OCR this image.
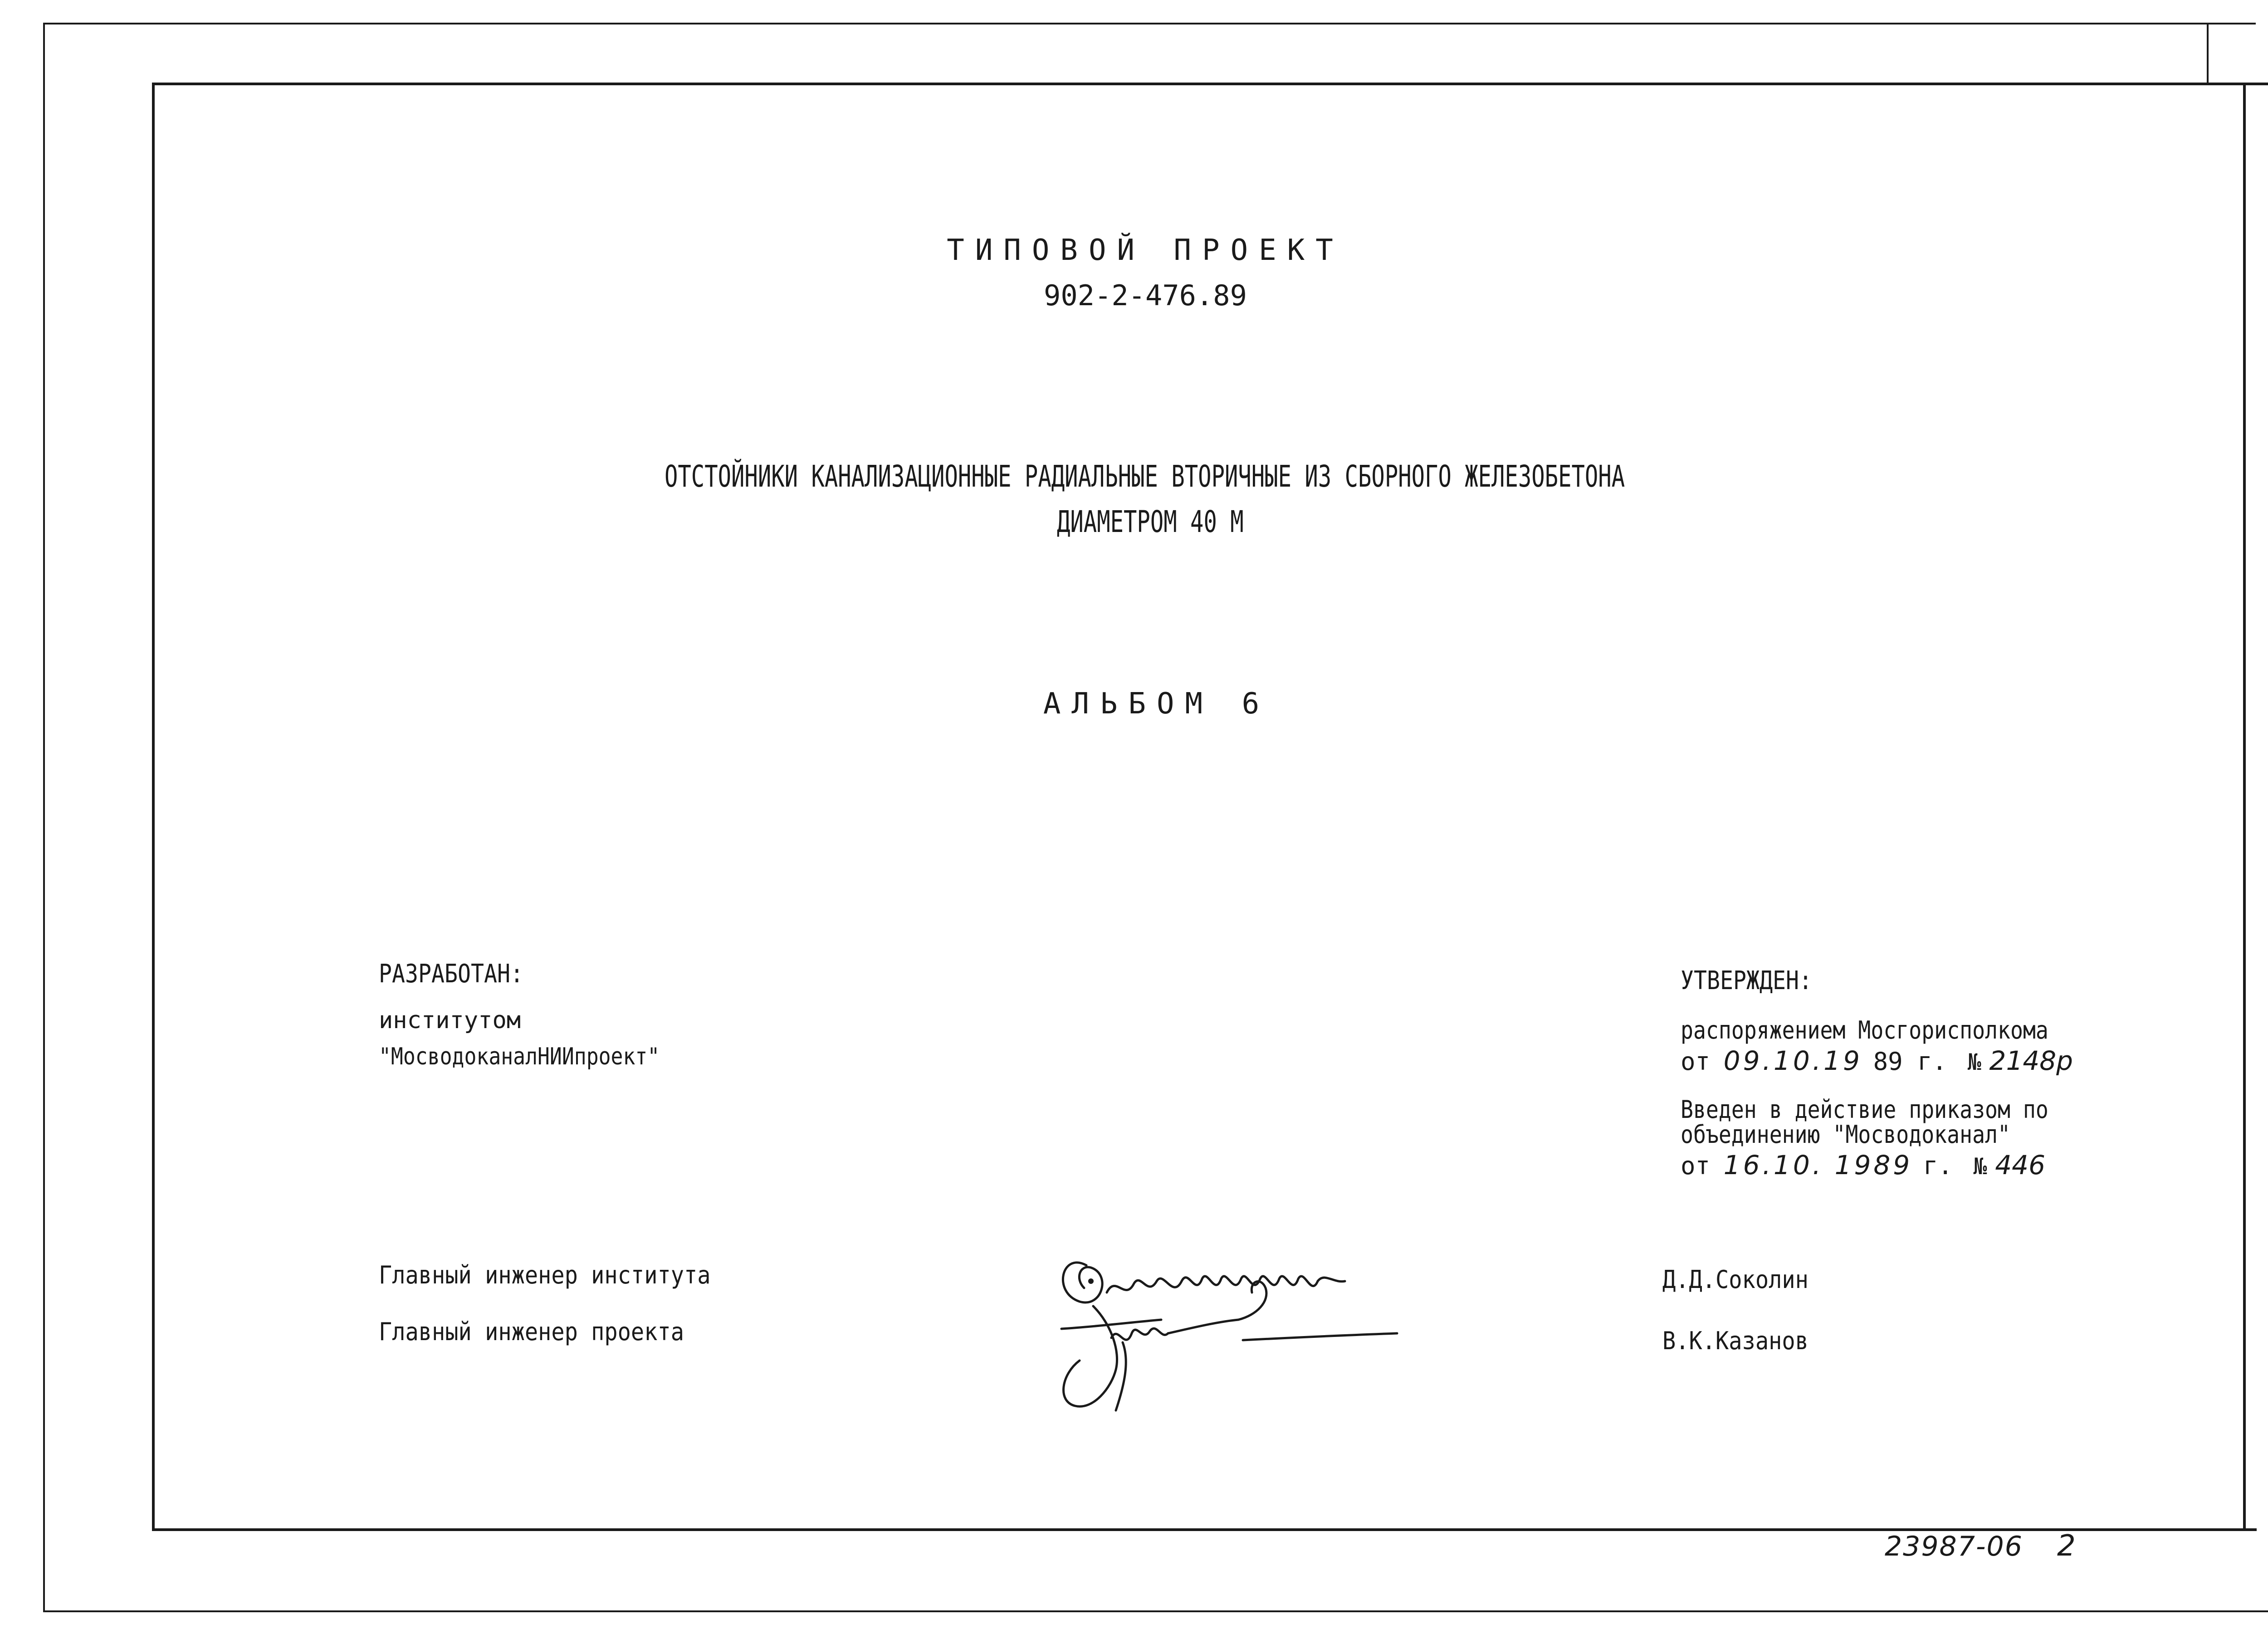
ТИПОВОЙ ПРОЕКТ
902-2-476.89
ОТСТОЙНИКИ КАНАЛИЗАЦИОННЫЕ РАДИАЛЬНЫЕ ВТОРИЧНЫЕ ИЗ СБОРНОГО ЖЕЛЕЗОБЕТОНА
ДИАМЕТРОМ 40 М
АЛЬБОМ 6
РАЗРАБОТАН:
институтом
"МосводоканалНИИпроект"
УТВЕРЖДЕН:
распоряжением Мосгорисполкома
от 09.10.19 89 г. № 2148р
Введен в действие приказом по
объединению "Мосводоканал"
от 16.10. 1989 г. № 446
Главный инженер института
Главный инженер проекта
Д.Д.Соколин
В.К.Казанов
23987-06 2
